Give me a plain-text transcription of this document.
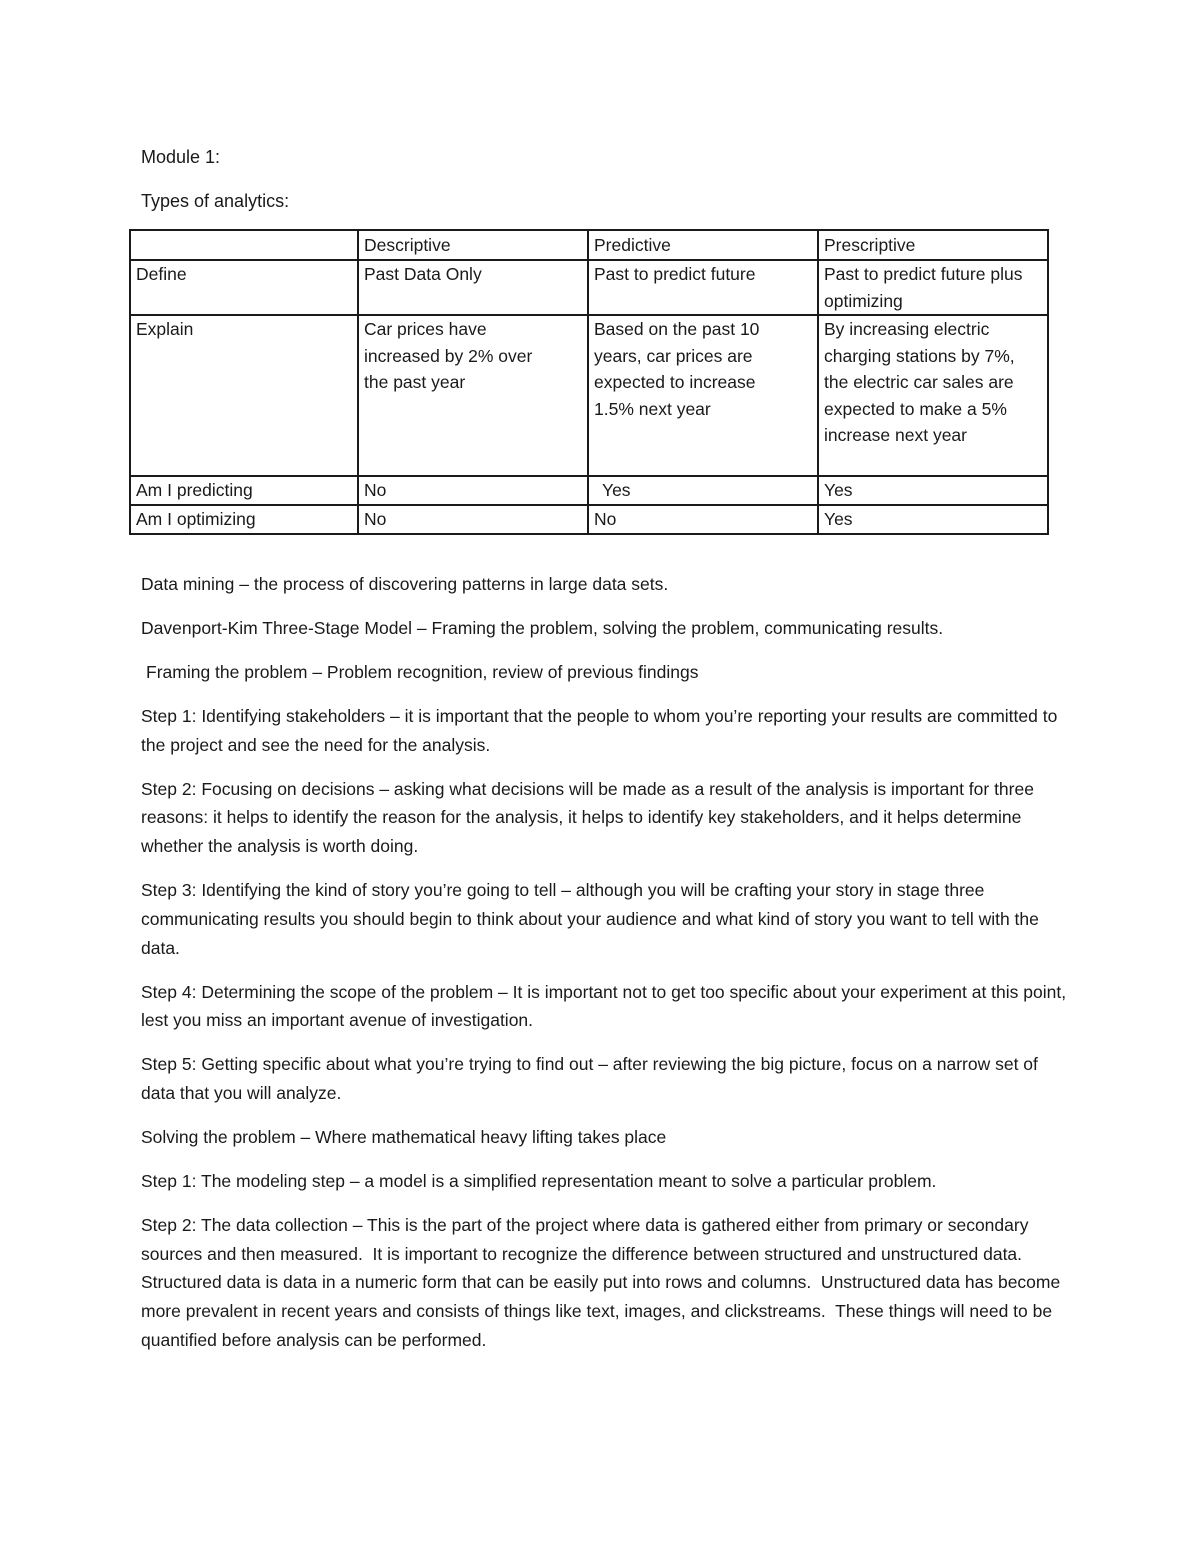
Module 1:
Types of analytics:
	Descriptive	Predictive	Prescriptive
Define	Past Data Only	Past to predict future	Past to predict future plus optimizing
Explain	Car prices have increased by 2% over the past year	Based on the past 10 years, car prices are expected to increase 1.5% next year	By increasing electric charging stations by 7%, the electric car sales are expected to make a 5% increase next year
Am I predicting	No	Yes	Yes
Am I optimizing	No	No	Yes

Data mining – the process of discovering patterns in large data sets.

Davenport-Kim Three-Stage Model – Framing the problem, solving the problem, communicating results.

Framing the problem – Problem recognition, review of previous findings

Step 1: Identifying stakeholders – it is important that the people to whom you’re reporting your results are committed to the project and see the need for the analysis.

Step 2: Focusing on decisions – asking what decisions will be made as a result of the analysis is important for three reasons: it helps to identify the reason for the analysis, it helps to identify key stakeholders, and it helps determine whether the analysis is worth doing.

Step 3: Identifying the kind of story you’re going to tell – although you will be crafting your story in stage three communicating results you should begin to think about your audience and what kind of story you want to tell with the data.

Step 4: Determining the scope of the problem – It is important not to get too specific about your experiment at this point, lest you miss an important avenue of investigation.

Step 5: Getting specific about what you’re trying to find out – after reviewing the big picture, focus on a narrow set of data that you will analyze.

Solving the problem – Where mathematical heavy lifting takes place

Step 1: The modeling step – a model is a simplified representation meant to solve a particular problem.

Step 2: The data collection – This is the part of the project where data is gathered either from primary or secondary sources and then measured.  It is important to recognize the difference between structured and unstructured data.  Structured data is data in a numeric form that can be easily put into rows and columns.  Unstructured data has become more prevalent in recent years and consists of things like text, images, and clickstreams.  These things will need to be quantified before analysis can be performed.
